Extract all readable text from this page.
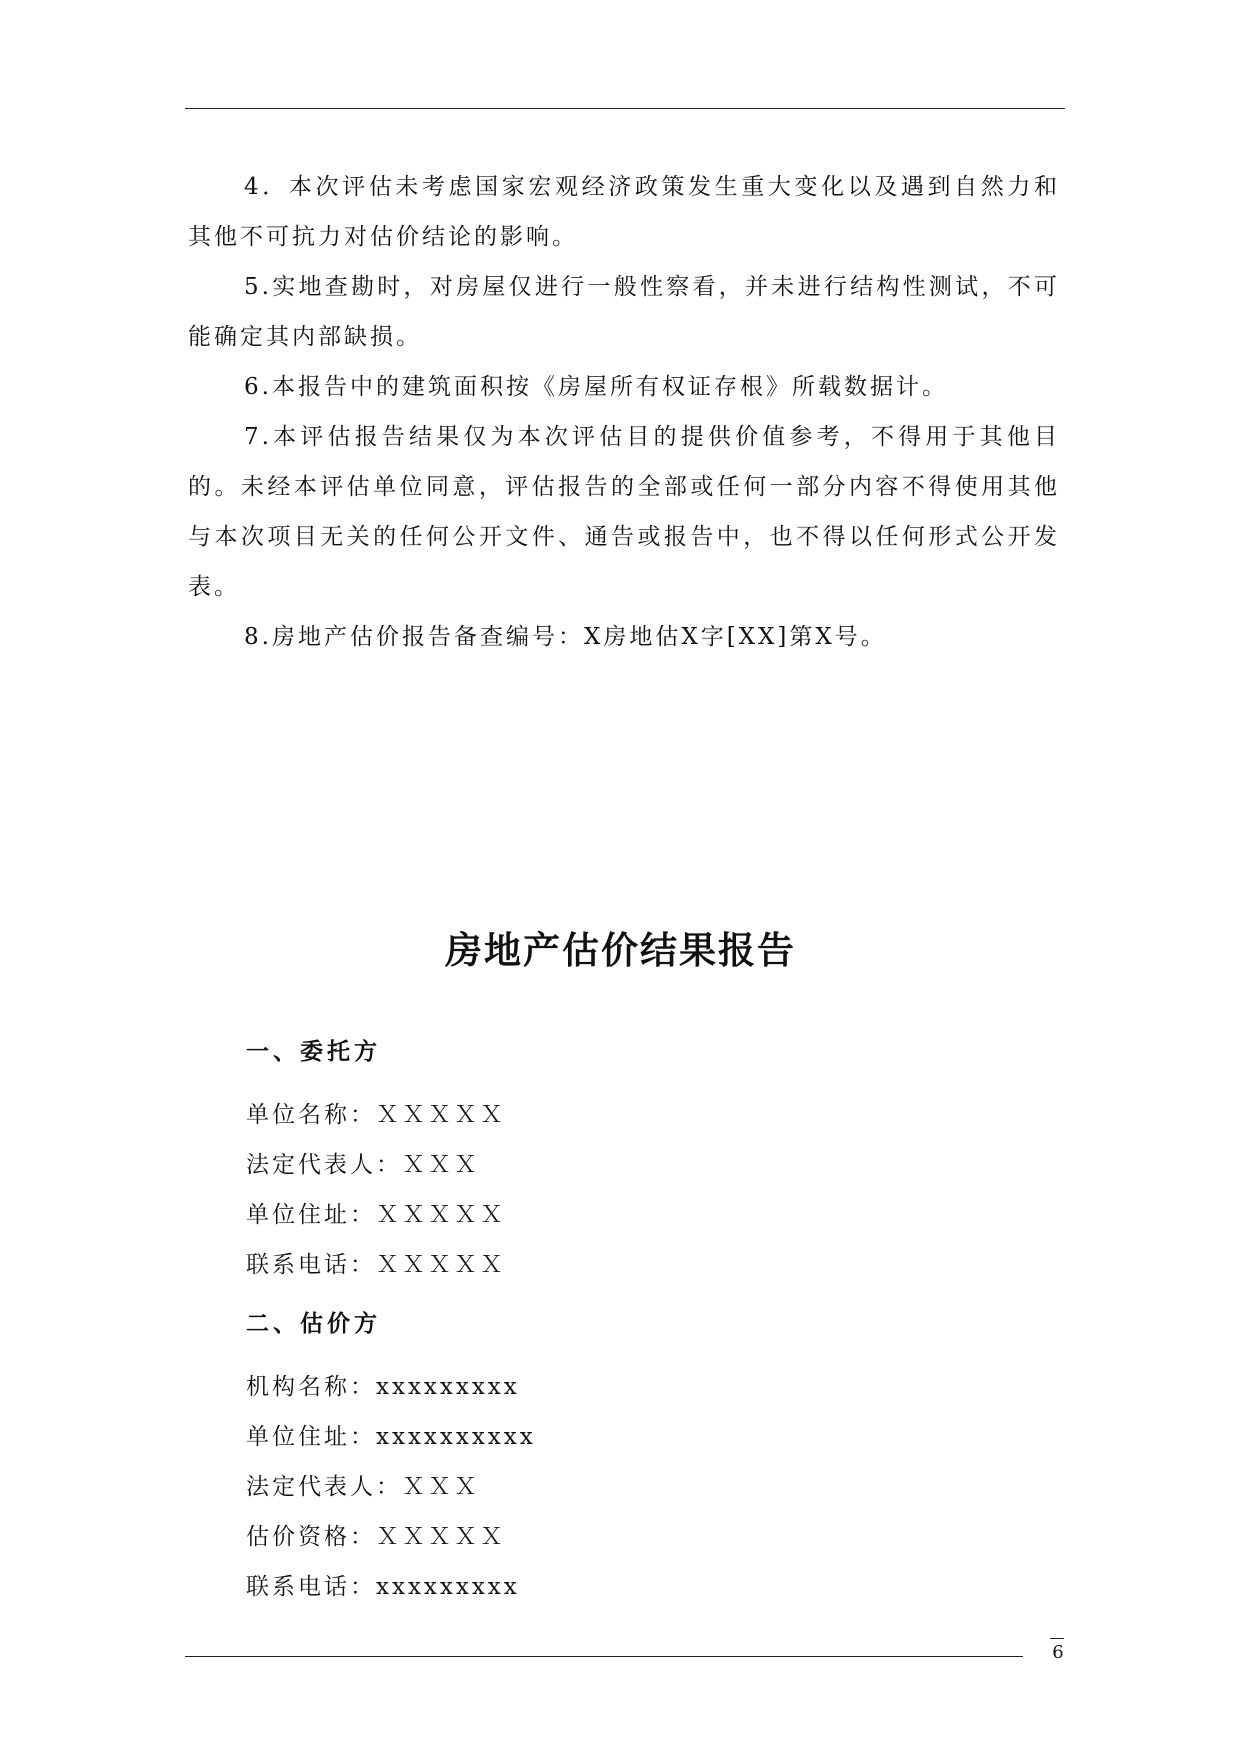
4．本次评估未考虑国家宏观经济政策发生重大变化以及遇到自然力和其他不可抗力对估价结论的影响。

5.实地查勘时，对房屋仅进行一般性察看，并未进行结构性测试，不可能确定其内部缺损。

6.本报告中的建筑面积按《房屋所有权证存根》所载数据计。

7.本评估报告结果仅为本次评估目的提供价值参考，不得用于其他目的。未经本评估单位同意，评估报告的全部或任何一部分内容不得使用其他与本次项目无关的任何公开文件、通告或报告中，也不得以任何形式公开发表。

8.房地产估价报告备查编号：X房地估X字[XX]第X号。

房地产估价结果报告
一、委托方
单位名称：ＸＸＸＸＸ
法定代表人：ＸＸＸ
单位住址：ＸＸＸＸＸ
联系电话：ＸＸＸＸＸ
二、估价方
机构名称：xxxxxxxxx
单位住址：xxxxxxxxxx
法定代表人：ＸＸＸ
估价资格：ＸＸＸＸＸ
联系电话：xxxxxxxxx
6
